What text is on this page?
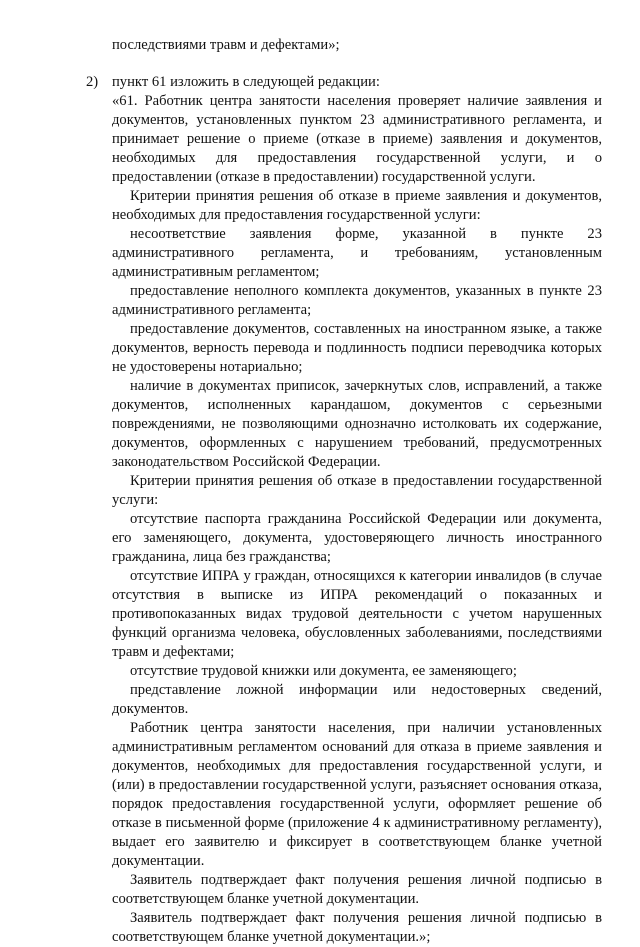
последствиями травм и дефектами»;

2) пункт 61 изложить в следующей редакции:

«61. Работник центра занятости населения проверяет наличие заявления и документов, установленных пунктом 23 административного регламента, и принимает решение о приеме (отказе в приеме) заявления и документов, необходимых для предоставления государственной услуги, и о предоставлении (отказе в предоставлении) государственной услуги.

Критерии принятия решения об отказе в приеме заявления и документов, необходимых для предоставления государственной услуги:

несоответствие заявления форме, указанной в пункте 23 административного регламента, и требованиям, установленным административным регламентом;

предоставление неполного комплекта документов, указанных в пункте 23 административного регламента;

предоставление документов, составленных на иностранном языке, а также документов, верность перевода и подлинность подписи переводчика которых не удостоверены нотариально;

наличие в документах приписок, зачеркнутых слов, исправлений, а также документов, исполненных карандашом, документов с серьезными повреждениями, не позволяющими однозначно истолковать их содержание, документов, оформленных с нарушением требований, предусмотренных законодательством Российской Федерации.

Критерии принятия решения об отказе в предоставлении государственной услуги:

отсутствие паспорта гражданина Российской Федерации или документа, его заменяющего, документа, удостоверяющего личность иностранного гражданина, лица без гражданства;

отсутствие ИПРА у граждан, относящихся к категории инвалидов (в случае отсутствия в выписке из ИПРА рекомендаций о показанных и противопоказанных видах трудовой деятельности с учетом нарушенных функций организма человека, обусловленных заболеваниями, последствиями травм и дефектами;

отсутствие трудовой книжки или документа, ее заменяющего;

представление ложной информации или недостоверных сведений, документов.

Работник центра занятости населения, при наличии установленных административным регламентом оснований для отказа в приеме заявления и документов, необходимых для предоставления государственной услуги, и (или) в предоставлении государственной услуги, разъясняет основания отказа, порядок предоставления государственной услуги, оформляет решение об отказе в письменной форме (приложение 4 к административному регламенту), выдает его заявителю и фиксирует в соответствующем бланке учетной документации.

Заявитель подтверждает факт получения решения личной подписью в соответствующем бланке учетной документации.

Заявитель подтверждает факт получения решения личной подписью в соответствующем бланке учетной документации.»;
